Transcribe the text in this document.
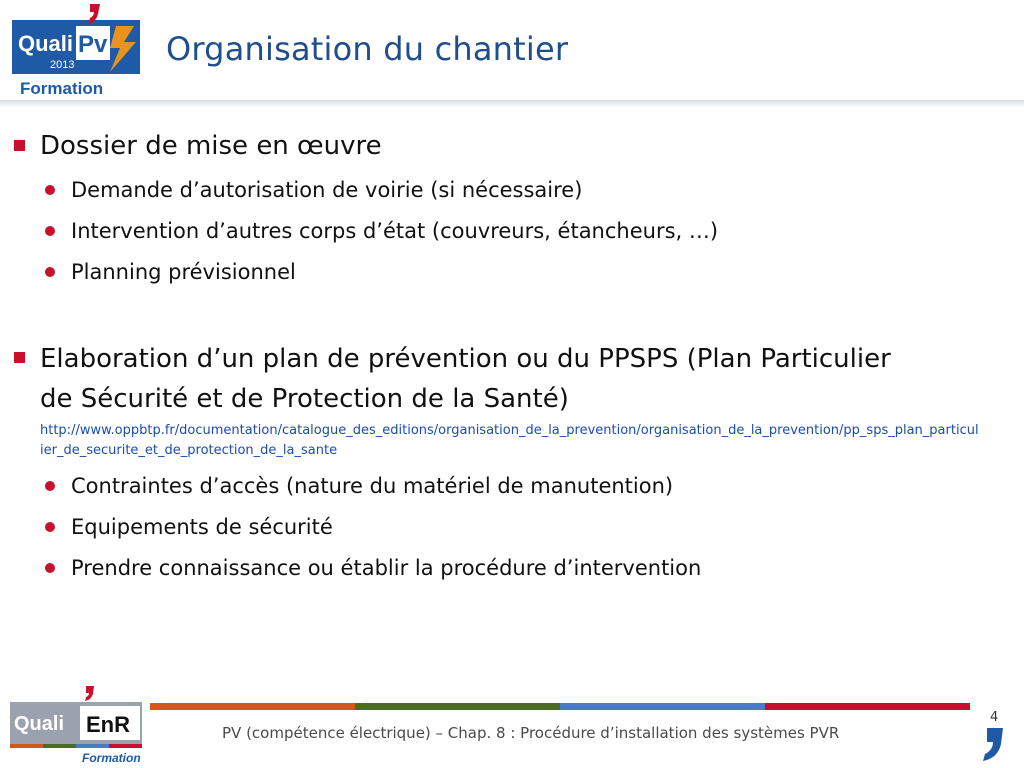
Quali Pv
2013
Formation
Organisation du chantier
Dossier de mise en œuvre
Demande d’autorisation de voirie (si nécessaire)
Intervention d’autres corps d’état (couvreurs, étancheurs, …)
Planning prévisionnel
Elaboration d’un plan de prévention ou du PPSPS (Plan Particulier
de Sécurité et de Protection de la Santé)
http://www.oppbtp.fr/documentation/catalogue_des_editions/organisation_de_la_prevention/organisation_de_la_prevention/pp_sps_plan_particulier_de_securite_et_de_protection_de_la_sante
Contraintes d’accès (nature du matériel de manutention)
Equipements de sécurité
Prendre connaissance ou établir la procédure d’intervention
Quali EnR
Formation
PV (compétence électrique) – Chap. 8 : Procédure d’installation des systèmes PVR
4
